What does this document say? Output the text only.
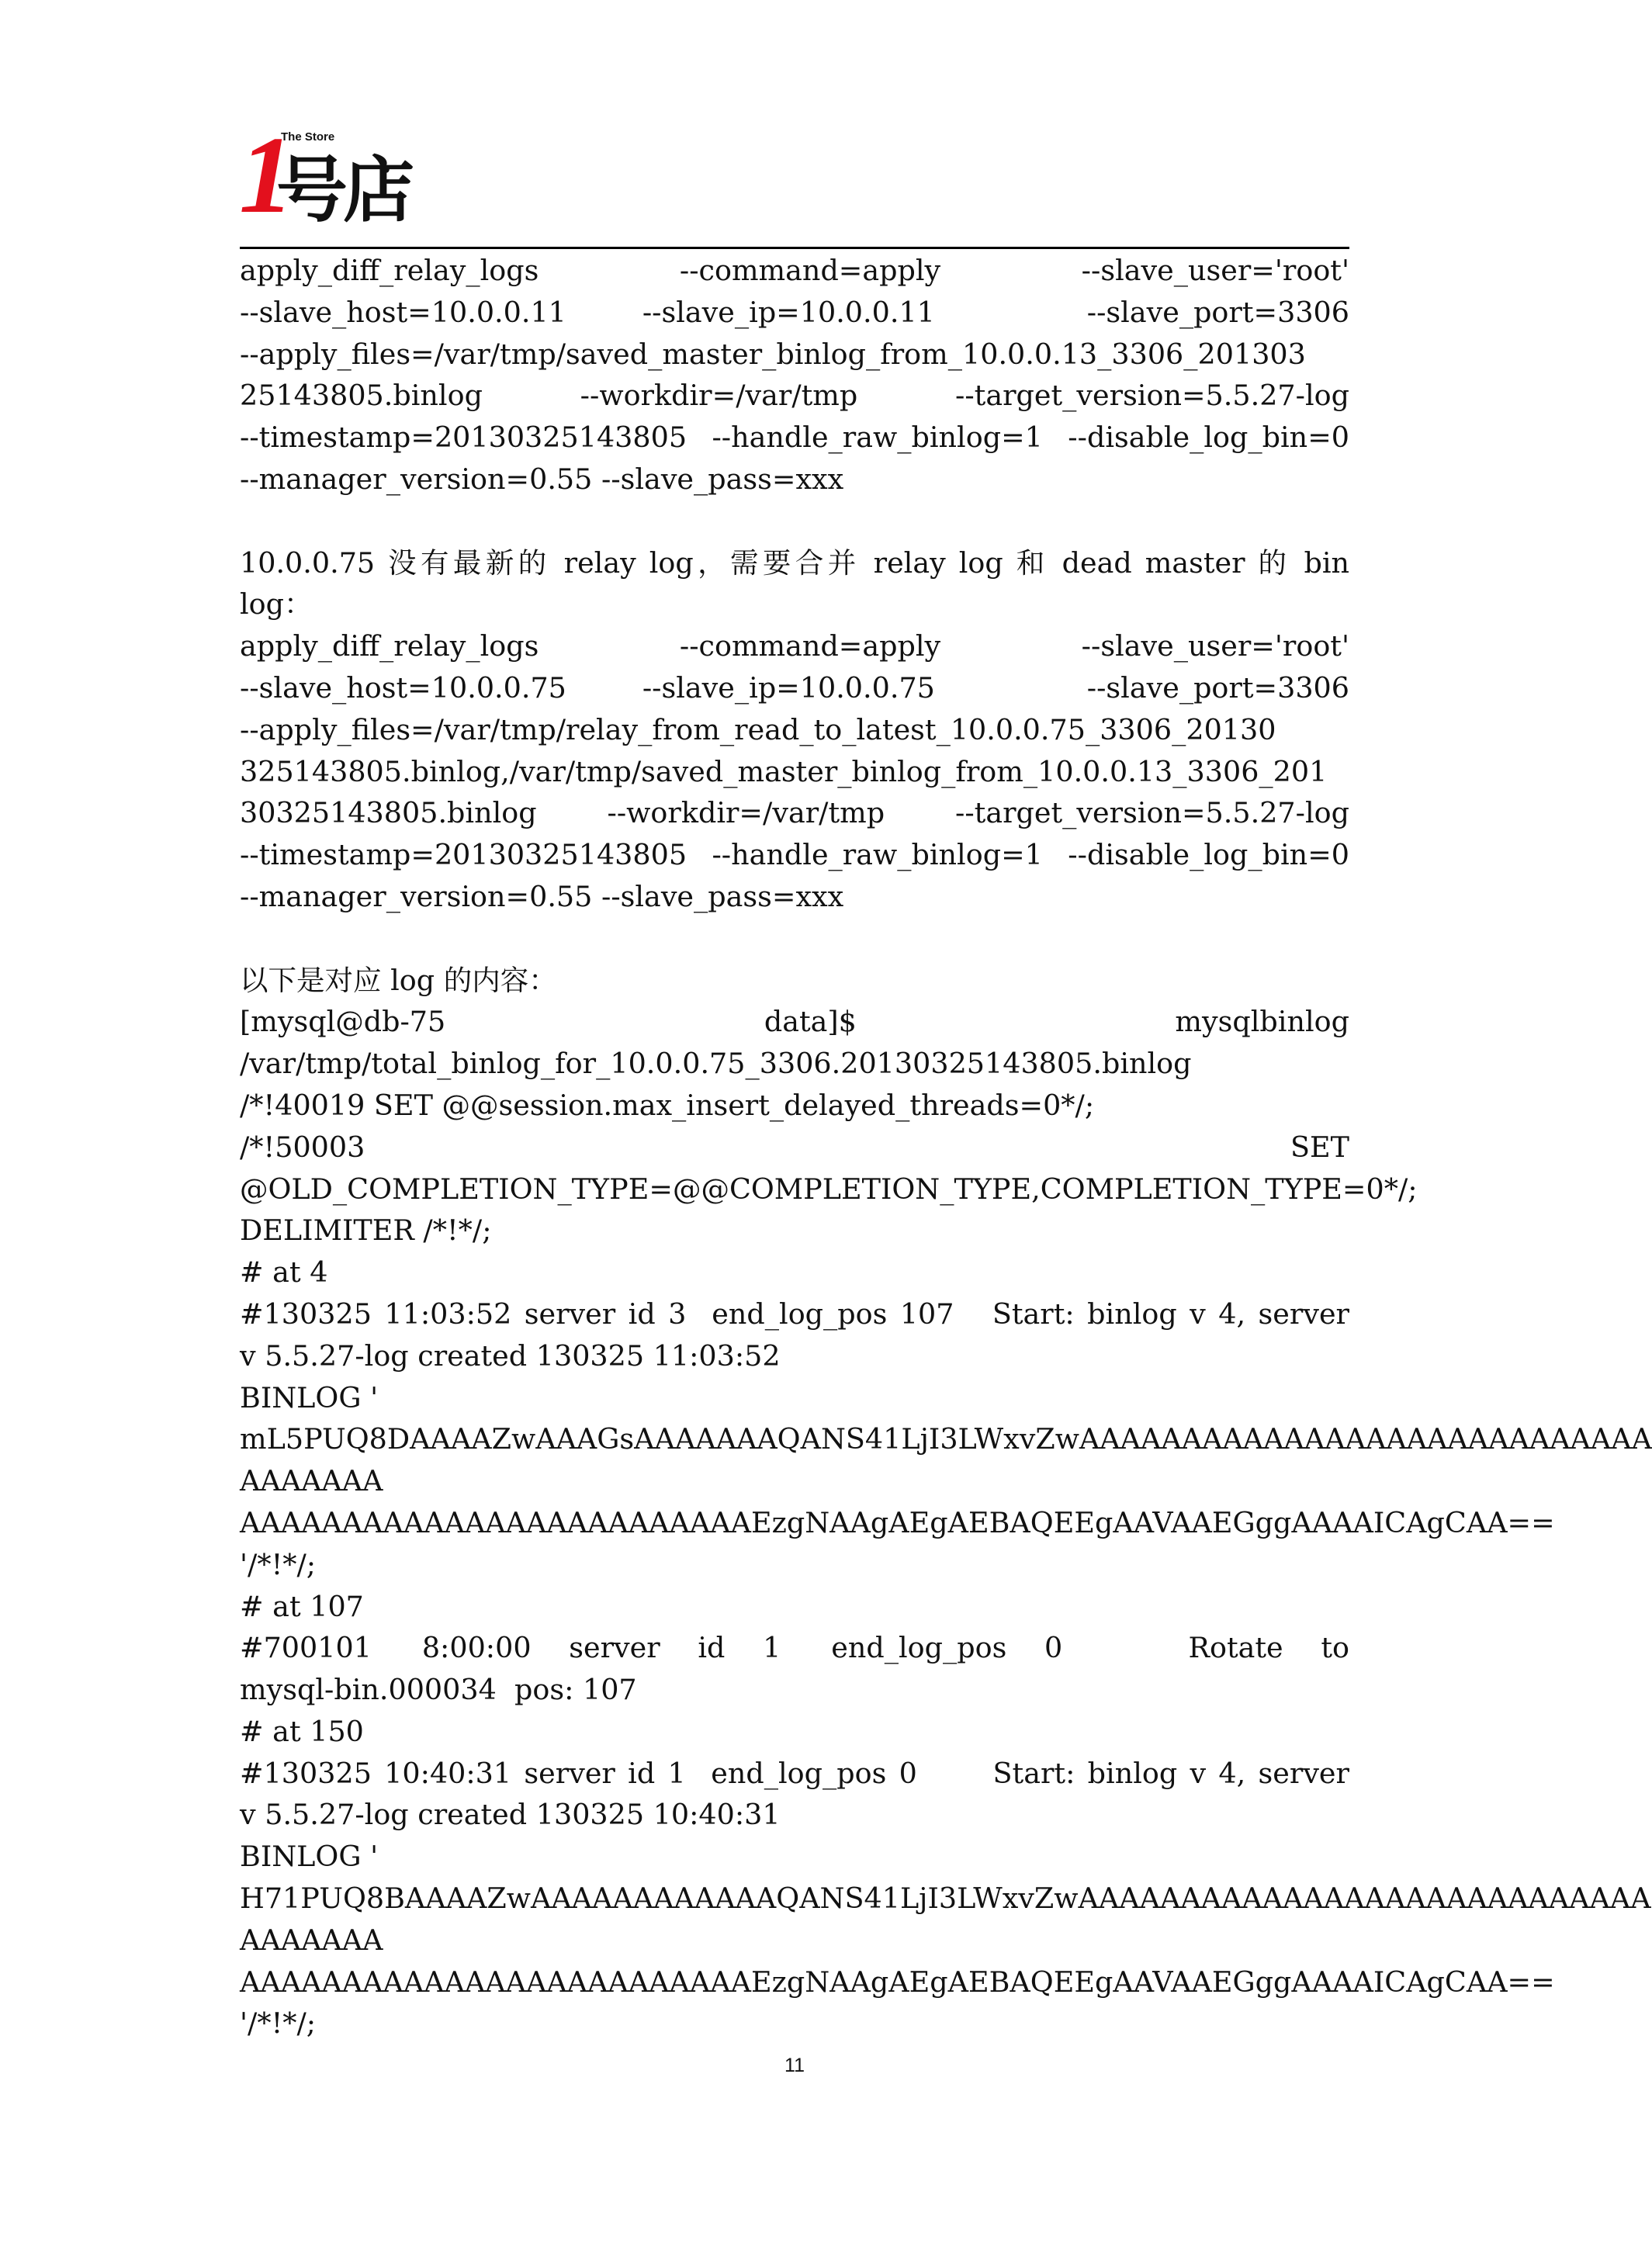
1
The Store
号店
apply_diff_relay_logs        --command=apply        --slave_user='root'
--slave_host=10.0.0.11    --slave_ip=10.0.0.11        --slave_port=3306
--apply_files=/var/tmp/saved_master_binlog_from_10.0.0.13_3306_201303
25143805.binlog    --workdir=/var/tmp    --target_version=5.5.27-log
--timestamp=20130325143805  --handle_raw_binlog=1  --disable_log_bin=0
--manager_version=0.55 --slave_pass=xxx
10.0.0.75 没有最新的 relay log，需要合并 relay log 和 dead master 的 bin
log：
apply_diff_relay_logs        --command=apply        --slave_user='root'
--slave_host=10.0.0.75    --slave_ip=10.0.0.75        --slave_port=3306
--apply_files=/var/tmp/relay_from_read_to_latest_10.0.0.75_3306_20130
325143805.binlog,/var/tmp/saved_master_binlog_from_10.0.0.13_3306_201
30325143805.binlog    --workdir=/var/tmp    --target_version=5.5.27-log
--timestamp=20130325143805  --handle_raw_binlog=1  --disable_log_bin=0
--manager_version=0.55 --slave_pass=xxx
以下是对应 log 的内容：
[mysql@db-75                    data]$                    mysqlbinlog
/var/tmp/total_binlog_for_10.0.0.75_3306.20130325143805.binlog
/*!40019 SET @@session.max_insert_delayed_threads=0*/;
/*!50003                                                          SET
@OLD_COMPLETION_TYPE=@@COMPLETION_TYPE,COMPLETION_TYPE=0*/;
DELIMITER /*!*/;
# at 4
#130325 11:03:52 server id 3  end_log_pos 107   Start: binlog v 4, server
v 5.5.27-log created 130325 11:03:52
BINLOG '
mL5PUQ8DAAAAZwAAAGsAAAAAAAQANS41LjI3LWxvZwAAAAAAAAAAAAAAAAAAAAAAAAAAAA
AAAAAAA
AAAAAAAAAAAAAAAAAAAAAAAAAEzgNAAgAEgAEBAQEEgAAVAAEGggAAAAICAgCAA==
'/*!*/;
# at 107
#700101    8:00:00   server   id   1    end_log_pos   0          Rotate   to
mysql-bin.000034  pos: 107
# at 150
#130325 10:40:31 server id 1  end_log_pos 0      Start: binlog v 4, server
v 5.5.27-log created 130325 10:40:31
BINLOG '
H71PUQ8BAAAAZwAAAAAAAAAAAAQANS41LjI3LWxvZwAAAAAAAAAAAAAAAAAAAAAAAAAAAA
AAAAAAA
AAAAAAAAAAAAAAAAAAAAAAAAAEzgNAAgAEgAEBAQEEgAAVAAEGggAAAAICAgCAA==
'/*!*/;
11
